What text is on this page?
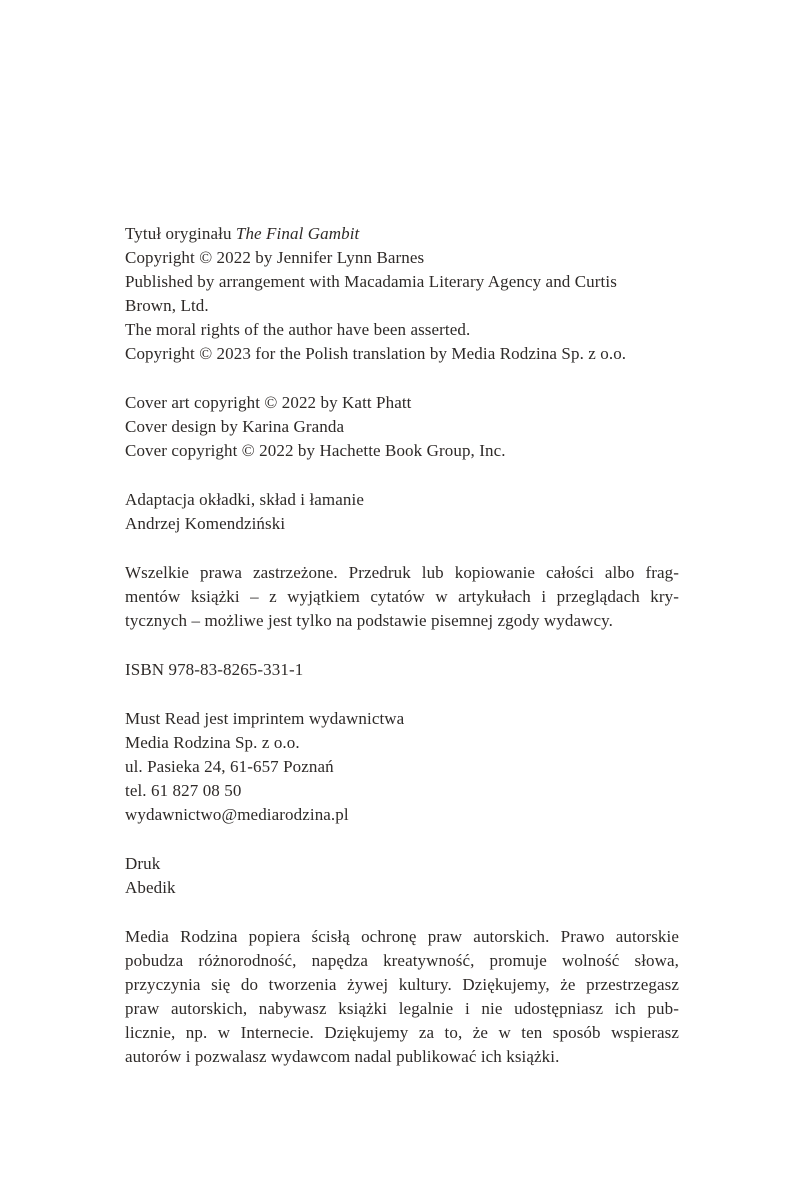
Tytuł oryginału The Final Gambit
Copyright © 2022 by Jennifer Lynn Barnes
Published by arrangement with Macadamia Literary Agency and Curtis
Brown, Ltd.
The moral rights of the author have been asserted.
Copyright © 2023 for the Polish translation by Media Rodzina Sp. z o.o.
Cover art copyright © 2022 by Katt Phatt
Cover design by Karina Granda
Cover copyright © 2022 by Hachette Book Group, Inc.
Adaptacja okładki, skład i łamanie
Andrzej Komendziński
Wszelkie prawa zastrzeżone. Przedruk lub kopiowanie całości albo frag-
mentów książki – z wyjątkiem cytatów w artykułach i przeglądach kry-
tycznych – możliwe jest tylko na podstawie pisemnej zgody wydawcy.
ISBN 978-83-8265-331-1
Must Read jest imprintem wydawnictwa
Media Rodzina Sp. z o.o.
ul. Pasieka 24, 61-657 Poznań
tel. 61 827 08 50
wydawnictwo@mediarodzina.pl
Druk
Abedik
Media Rodzina popiera ścisłą ochronę praw autorskich. Prawo autorskie
pobudza różnorodność, napędza kreatywność, promuje wolność słowa,
przyczynia się do tworzenia żywej kultury. Dziękujemy, że przestrzegasz
praw autorskich, nabywasz książki legalnie i nie udostępniasz ich pub-
licznie, np. w Internecie. Dziękujemy za to, że w ten sposób wspierasz
autorów i pozwalasz wydawcom nadal publikować ich książki.
